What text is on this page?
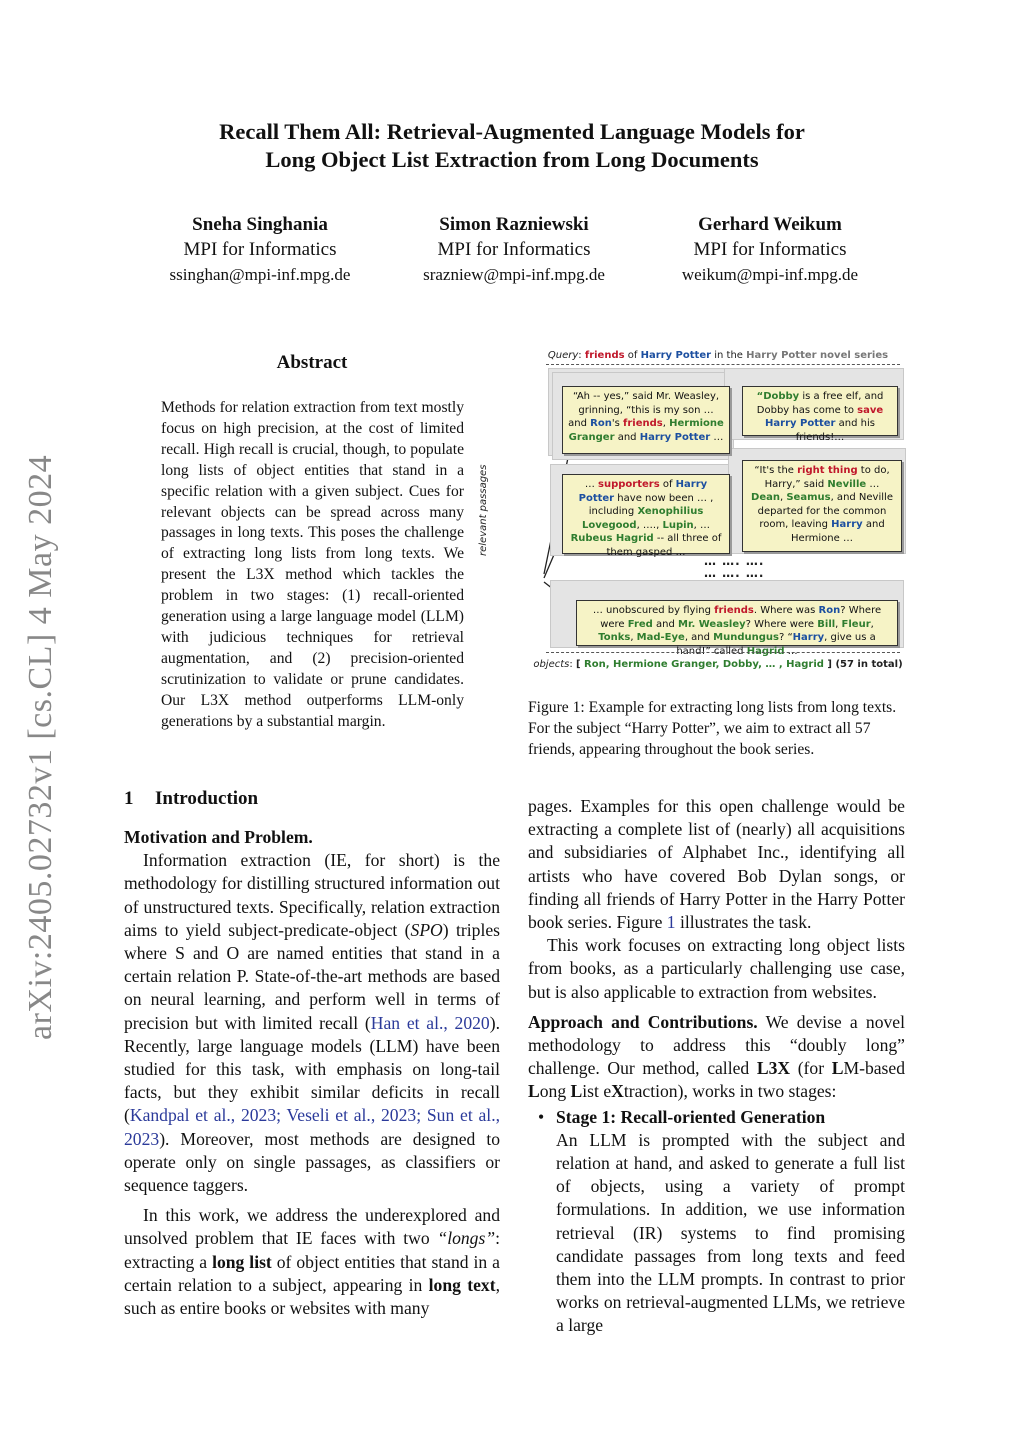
Recall Them All: Retrieval-Augmented Language Models for
Long Object List Extraction from Long Documents
Sneha Singhania
MPI for Informatics
ssinghan@mpi-inf.mpg.de
Simon Razniewski
MPI for Informatics
srazniew@mpi-inf.mpg.de
Gerhard Weikum
MPI for Informatics
weikum@mpi-inf.mpg.de
arXiv:2405.02732v1 [cs.CL] 4 May 2024
Abstract
Methods for relation extraction from text mostly focus on high precision, at the cost of limited recall. High recall is crucial, though, to populate long lists of object entities that stand in a specific relation with a given subject. Cues for relevant objects can be spread across many passages in long texts. This poses the challenge of extracting long lists from long texts. We present the L3X method which tackles the problem in two stages: (1) recall-oriented generation using a large language model (LLM) with judicious techniques for retrieval augmentation, and (2) precision-oriented scrutinization to validate or prune candidates. Our L3X method outperforms LLM-only generations by a substantial margin.
1 Introduction

Motivation and Problem.

Information extraction (IE, for short) is the methodology for distilling structured information out of unstructured texts. Specifically, relation extraction aims to yield subject-predicate-object (SPO) triples where S and O are named entities that stand in a certain relation P. State-of-the-art methods are based on neural learning, and perform well in terms of precision but with limited recall (Han et al., 2020). Recently, large language models (LLM) have been studied for this task, with emphasis on long-tail facts, but they exhibit similar deficits in recall (Kandpal et al., 2023; Veseli et al., 2023; Sun et al., 2023). Moreover, most methods are designed to operate only on single passages, as classifiers or sequence taggers.

In this work, we address the underexplored and unsolved problem that IE faces with two “longs”: extracting a long list of object entities that stand in a certain relation to a subject, appearing in long text, such as entire books or websites with many

Query: friends of Harry Potter in the Harry Potter novel series
relevant passages
“Ah -- yes,” said Mr. Weasley, grinning, “this is my son … and Ron's friends, Hermione Granger and Harry Potter …
“Dobby is a free elf, and Dobby has come to save Harry Potter and his friends!…
… supporters of Harry Potter have now been … , including Xenophilius Lovegood, …., Lupin, … Rubeus Hagrid -- all three of them gasped …
“It's the right thing to do, Harry,” said Neville … Dean, Seamus, and Neville departed for the common room, leaving Harry and Hermione …
… …. ….
… …. ….
… unobscured by flying friends. Where was Ron? Where were Fred and Mr. Weasley? Where were Bill, Fleur, Tonks, Mad-Eye, and Mundungus? “Harry, give us a hand!” called Hagrid …
objects: [ Ron, Hermione Granger, Dobby, … , Hagrid ] (57 in total)
Figure 1: Example for extracting long lists from long texts. For the subject “Harry Potter”, we aim to extract all 57 friends, appearing throughout the book series.

pages. Examples for this open challenge would be extracting a complete list of (nearly) all acquisitions and subsidiaries of Alphabet Inc., identifying all artists who have covered Bob Dylan songs, or finding all friends of Harry Potter in the Harry Potter book series. Figure 1 illustrates the task.

This work focuses on extracting long object lists from books, as a particularly challenging use case, but is also applicable to extraction from websites.

Approach and Contributions. We devise a novel methodology to address this “doubly long” challenge. Our method, called L3X (for LM-based Long List eXtraction), works in two stages:

• Stage 1: Recall-oriented Generation
An LLM is prompted with the subject and relation at hand, and asked to generate a full list of objects, using a variety of prompt formulations. In addition, we use information retrieval (IR) systems to find promising candidate passages from long texts and feed them into the LLM prompts. In contrast to prior works on retrieval-augmented LLMs, we retrieve a large
